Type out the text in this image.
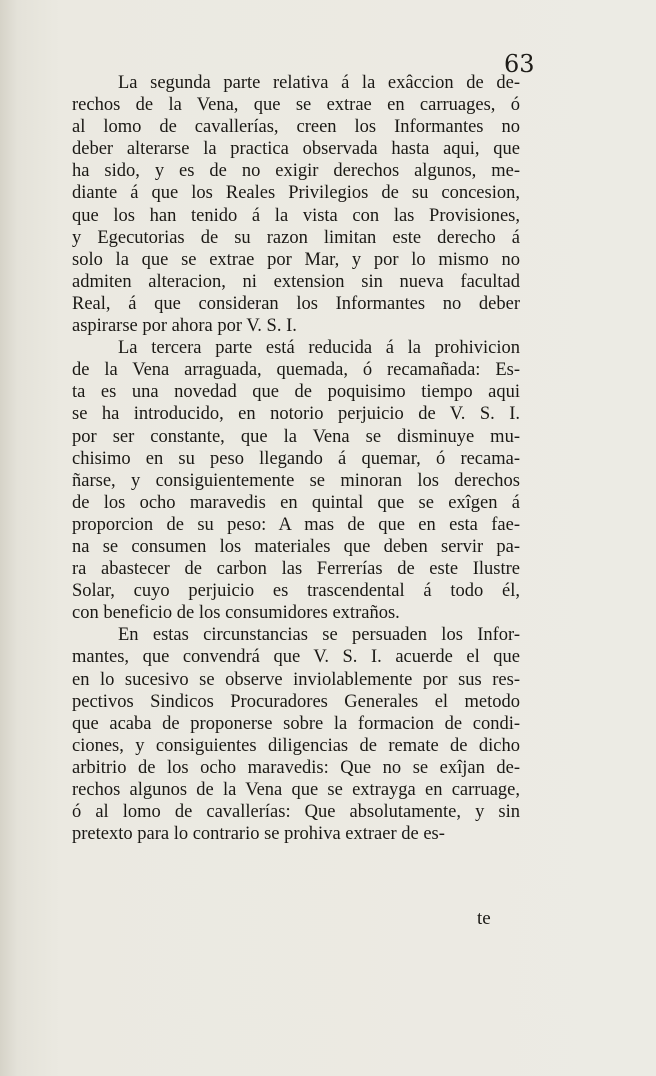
63
La segunda parte relativa á la exâccion de de-
rechos de la Vena, que se extrae en carruages, ó
al lomo de cavallerías, creen los Informantes no
deber alterarse la practica observada hasta aqui, que
ha sido, y es de no exigir derechos algunos, me-
diante á que los Reales Privilegios de su concesion,
que los han tenido á la vista con las Provisiones,
y Egecutorias de su razon limitan este derecho á
solo la que se extrae por Mar, y por lo mismo no
admiten alteracion, ni extension sin nueva facultad
Real, á que consideran los Informantes no deber
aspirarse por ahora por V. S. I.
La tercera parte está reducida á la prohivicion
de la Vena arraguada, quemada, ó recamañada: Es-
ta es una novedad que de poquisimo tiempo aqui
se ha introducido, en notorio perjuicio de V. S. I.
por ser constante, que la Vena se disminuye mu-
chisimo en su peso llegando á quemar, ó recama-
ñarse, y consiguientemente se minoran los derechos
de los ocho maravedis en quintal que se exîgen á
proporcion de su peso: A mas de que en esta fae-
na se consumen los materiales que deben servir pa-
ra abastecer de carbon las Ferrerías de este Ilustre
Solar, cuyo perjuicio es trascendental á todo él,
con beneficio de los consumidores extraños.
En estas circunstancias se persuaden los Infor-
mantes, que convendrá que V. S. I. acuerde el que
en lo sucesivo se observe inviolablemente por sus res-
pectivos Sindicos Procuradores Generales el metodo
que acaba de proponerse sobre la formacion de condi-
ciones, y consiguientes diligencias de remate de dicho
arbitrio de los ocho maravedis: Que no se exîjan de-
rechos algunos de la Vena que se extrayga en carruage,
ó al lomo de cavallerías: Que absolutamente, y sin
pretexto para lo contrario se prohiva extraer de es-
te
